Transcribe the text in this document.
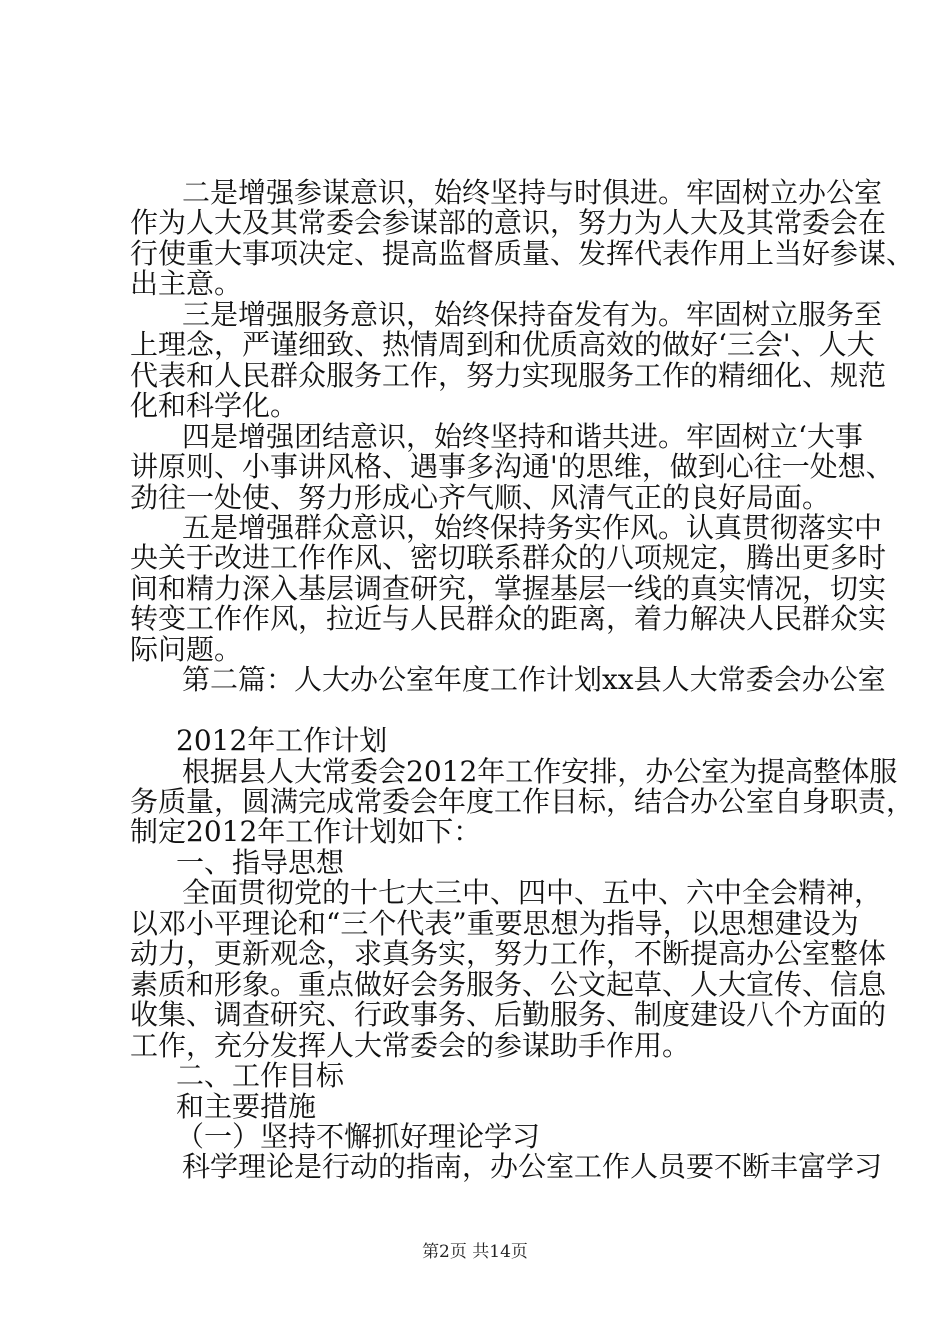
二是增强参谋意识，始终坚持与时俱进。牢固树立办公室
作为人大及其常委会参谋部的意识，努力为人大及其常委会在
行使重大事项决定、提高监督质量、发挥代表作用上当好参谋、
出主意。
三是增强服务意识，始终保持奋发有为。牢固树立服务至
上理念，严谨细致、热情周到和优质高效的做好‘三会'、人大
代表和人民群众服务工作，努力实现服务工作的精细化、规范
化和科学化。
四是增强团结意识，始终坚持和谐共进。牢固树立‘大事
讲原则、小事讲风格、遇事多沟通'的思维，做到心往一处想、
劲往一处使、努力形成心齐气顺、风清气正的良好局面。
五是增强群众意识，始终保持务实作风。认真贯彻落实中
央关于改进工作作风、密切联系群众的八项规定，腾出更多时
间和精力深入基层调查研究，掌握基层一线的真实情况，切实
转变工作作风，拉近与人民群众的距离，着力解决人民群众实
际问题。
第二篇：人大办公室年度工作计划xx县人大常委会办公室
2012年工作计划
根据县人大常委会2012年工作安排，办公室为提高整体服
务质量，圆满完成常委会年度工作目标，结合办公室自身职责，
制定2012年工作计划如下：
一、指导思想
全面贯彻党的十七大三中、四中、五中、六中全会精神，
以邓小平理论和“三个代表”重要思想为指导，以思想建设为
动力，更新观念，求真务实，努力工作，不断提高办公室整体
素质和形象。重点做好会务服务、公文起草、人大宣传、信息
收集、调查研究、行政事务、后勤服务、制度建设八个方面的
工作，充分发挥人大常委会的参谋助手作用。
二、工作目标
和主要措施
（一）坚持不懈抓好理论学习
科学理论是行动的指南，办公室工作人员要不断丰富学习
第2页 共14页
